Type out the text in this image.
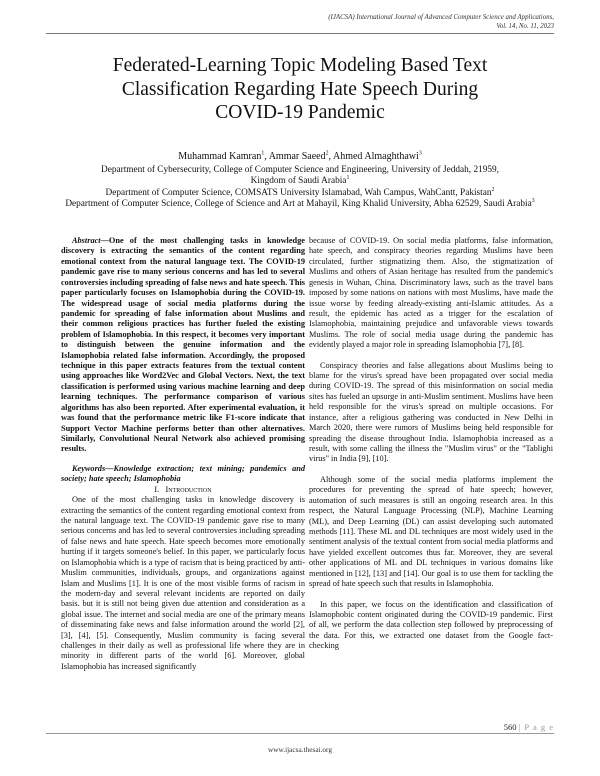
(IJACSA) International Journal of Advanced Computer Science and Applications,
Vol. 14, No. 11, 2023
Federated-Learning Topic Modeling Based Text
Classification Regarding Hate Speech During
COVID-19 Pandemic
Muhammad Kamran$^1$, Ammar Saeed$^2$, Ahmed Almaghthawi$^3$
Department of Cybersecurity, College of Computer Science and Engineering, University of Jeddah, 21959,
Kingdom of Saudi Arabia$^1$
Department of Computer Science, COMSATS University Islamabad, Wah Campus, WahCantt, Pakistan$^2$
Department of Computer Science, College of Science and Art at Mahayil, King Khalid University, Abha 62529, Saudi Arabia$^3$

Abstract—One of the most challenging tasks in knowledge discovery is extracting the semantics of the content regarding emotional context from the natural language text. The COVID-19 pandemic gave rise to many serious concerns and has led to several controversies including spreading of false news and hate speech. This paper particularly focuses on Islamophobia during the COVID-19. The widespread usage of social media platforms during the pandemic for spreading of false information about Muslims and their common religious practices has further fueled the existing problem of Islamophobia. In this respect, it becomes very important to distinguish between the genuine information and the Islamophobia related false information. Accordingly, the proposed technique in this paper extracts features from the textual content using approaches like Word2Vec and Global Vectors. Next, the text classification is performed using various machine learning and deep learning techniques. The performance comparison of various algorithms has also been reported. After experimental evaluation, it was found that the performance metric like F1-score indicate that Support Vector Machine performs better than other alternatives. Similarly, Convolutional Neural Network also achieved promising results.

Keywords—Knowledge extraction; text mining; pandemics and society; hate speech; Islamophobia

I. Introduction

One of the most challenging tasks in knowledge discovery is extracting the semantics of the content regarding emotional context from the natural language text. The COVID-19 pandemic gave rise to many serious concerns and has led to several controversies including spreading of false news and hate speech. Hate speech becomes more emotionally hurting if it targets someone's belief. In this paper, we particularly focus on Islamophobia which is a type of racism that is being practiced by anti-Muslim communities, individuals, groups, and organizations against Islam and Muslims [1]. It is one of the most visible forms of racism in the modern-day and several relevant incidents are reported on daily basis. but it is still not being given due attention and consideration as a global issue. The internet and social media are one of the primary means of disseminating fake news and false information around the world [2], [3], [4], [5]. Consequently, Muslim community is facing several challenges in their daily as well as professional life where they are in minority in different parts of the world [6]. Moreover, global Islamophobia has increased significantly

because of COVID-19. On social media platforms, false information, hate speech, and conspiracy theories regarding Muslims have been circulated, further stigmatizing them. Also, the stigmatization of Muslims and others of Asian heritage has resulted from the pandemic's genesis in Wuhan, China. Discriminatory laws, such as the travel bans imposed by some nations on nations with most Muslims, have made the issue worse by feeding already-existing anti-Islamic attitudes. As a result, the epidemic has acted as a trigger for the escalation of Islamophobia, maintaining prejudice and unfavorable views towards Muslims. The role of social media usage during the pandemic has evidently played a major role in spreading Islamophobia [7], [8].

Conspiracy theories and false allegations about Muslims being to blame for the virus's spread have been propagated over social media during COVID-19. The spread of this misinformation on social media sites has fueled an upsurge in anti-Muslim sentiment. Muslims have been held responsible for the virus's spread on multiple occasions. For instance, after a religious gathering was conducted in New Delhi in March 2020, there were rumors of Muslims being held responsible for spreading the disease throughout India. Islamophobia increased as a result, with some calling the illness the "Muslim virus" or the "Tablighi virus" in India [9], [10].

Although some of the social media platforms implement the procedures for preventing the spread of hate speech; however, automation of such measures is still an ongoing research area. In this respect, the Natural Language Processing (NLP), Machine Learning (ML), and Deep Learning (DL) can assist developing such automated methods [11]. These ML and DL techniques are most widely used in the sentiment analysis of the textual content from social media platforms and have yielded excellent outcomes thus far. Moreover, they are several other applications of ML and DL techniques in various domains like mentioned in [12], [13] and [14]. Our goal is to use them for tackling the spread of hate speech such that results in Islamophobia.

In this paper, we focus on the identification and classification of Islamophobic content originated during the COVID-19 pandemic. First of all, we perform the data collection step followed by preprocessing of the data. For this, we extracted one dataset from the Google fact-checking

560 | P a g e
www.ijacsa.thesai.org
